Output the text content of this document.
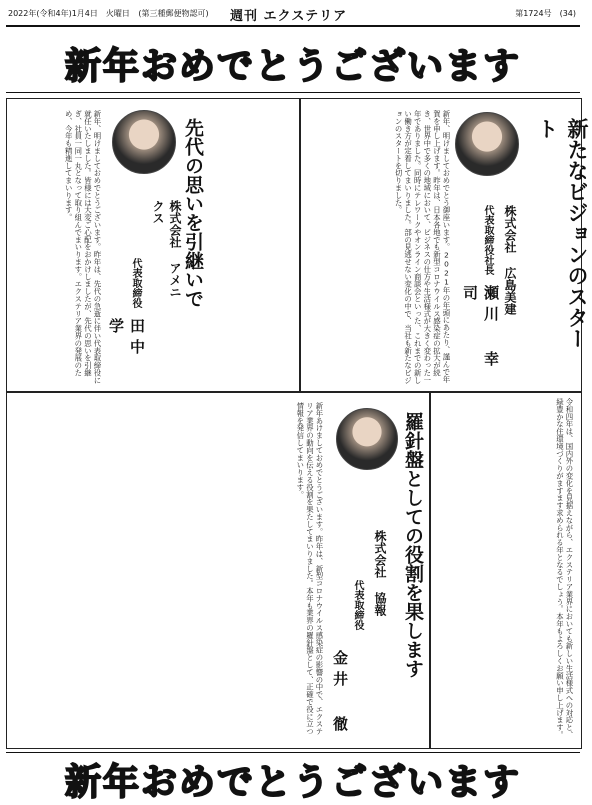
2022年(令和4年)1月4日　火曜日 (第三種郵便物認可)	週刊 エクステリア	第1724号　(34)
新年おめでとうございます
新たなビジョンのスタート
株式会社 広島美建
代表取締役社長
瀬川 幸司
新年、明けましておめでとう御座います。2021年の年頭にあたり、謹んで年賀を申し上げます。昨年は、日本各地でも新型コロナウイルス感染症の拡大が続き、世界中で多くの地域において、ビジネスの仕方や生活様式が大きく変わった一年でありました。同時にテレワークやオンライン商談会といった、これまでの新しい働き方が定着してまいりました。部の見逃せない変化の中で、当社も新たなビジョンのスタートを切りました。
先代の思いを引継いで
株式会社 アメニクス
代表取締役
田中 学
新年、明けましておめでとうございます。昨年は、先代の急逝に伴い代表取締役に就任いたしました。皆様には大変ご心配をおかけしましたが、先代の思いを引継ぎ、社員一同一丸となって取り組んでまいります。エクステリア業界の発展のため、今年も精進してまいります。
令和四年は、国内外の変化を見据えながら、エクステリア業界においても新しい生活様式への対応と、緑豊かな住環境づくりがますます求められる年となるでしょう。本年もよろしくお願い申し上げます。
羅針盤としての役割を果します
株式会社 協報
代表取締役
金井 徹
新年あけましておめでとうございます。昨年は、新型コロナウイルス感染症の影響の中で、エクステリア業界の動向を伝える役割を果たしてまいりました。本年も業界の羅針盤として、正確で役に立つ情報を発信してまいります。
新年おめでとうございます
